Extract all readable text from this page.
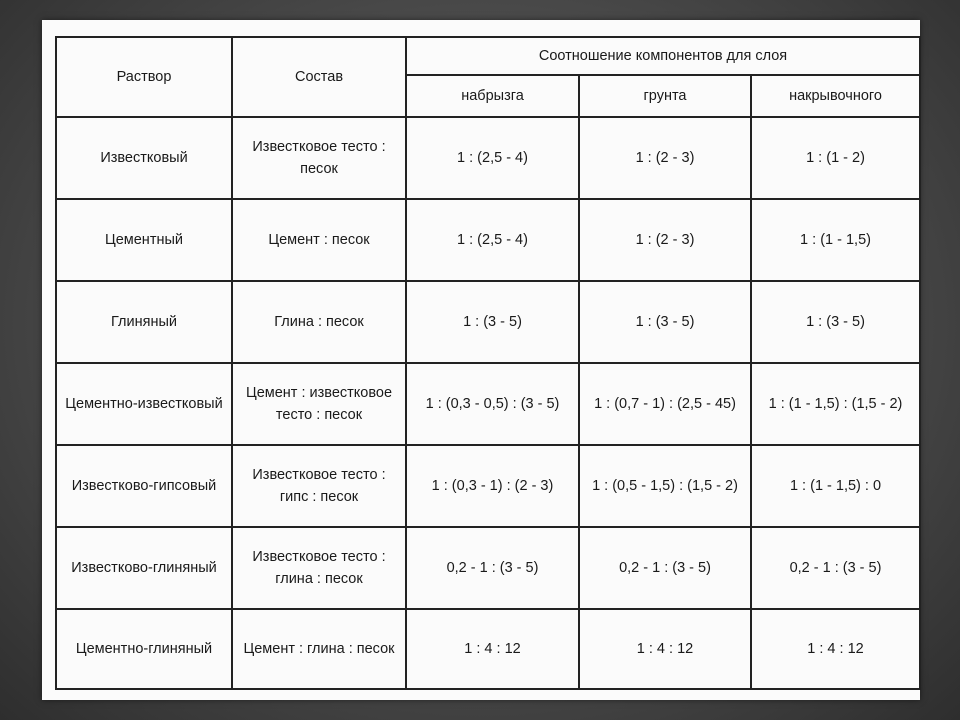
Раствор	Состав	Соотношение компонентов для слоя		
		набрызга	грунта	накрывочного
Известковый	Известковое тесто : песок	1 : (2,5 - 4)	1 : (2 - 3)	1 : (1 - 2)
Цементный	Цемент : песок	1 : (2,5 - 4)	1 : (2 - 3)	1 : (1 - 1,5)
Глиняный	Глина : песок	1 : (3 - 5)	1 : (3 - 5)	1 : (3 - 5)
Цементно-известковый	Цемент : известковое тесто : песок	1 : (0,3 - 0,5) : (3 - 5)	1 : (0,7 - 1) : (2,5 - 45)	1 : (1 - 1,5) : (1,5 - 2)
Известково-гипсовый	Известковое тесто : гипс : песок	1 : (0,3 - 1) : (2 - 3)	1 : (0,5 - 1,5) : (1,5 - 2)	1 : (1 - 1,5) : 0
Известково-глиняный	Известковое тесто : глина : песок	0,2 - 1 : (3 - 5)	0,2 - 1 : (3 - 5)	0,2 - 1 : (3 - 5)
Цементно-глиняный	Цемент : глина : песок	1 : 4 : 12	1 : 4 : 12	1 : 4 : 12
